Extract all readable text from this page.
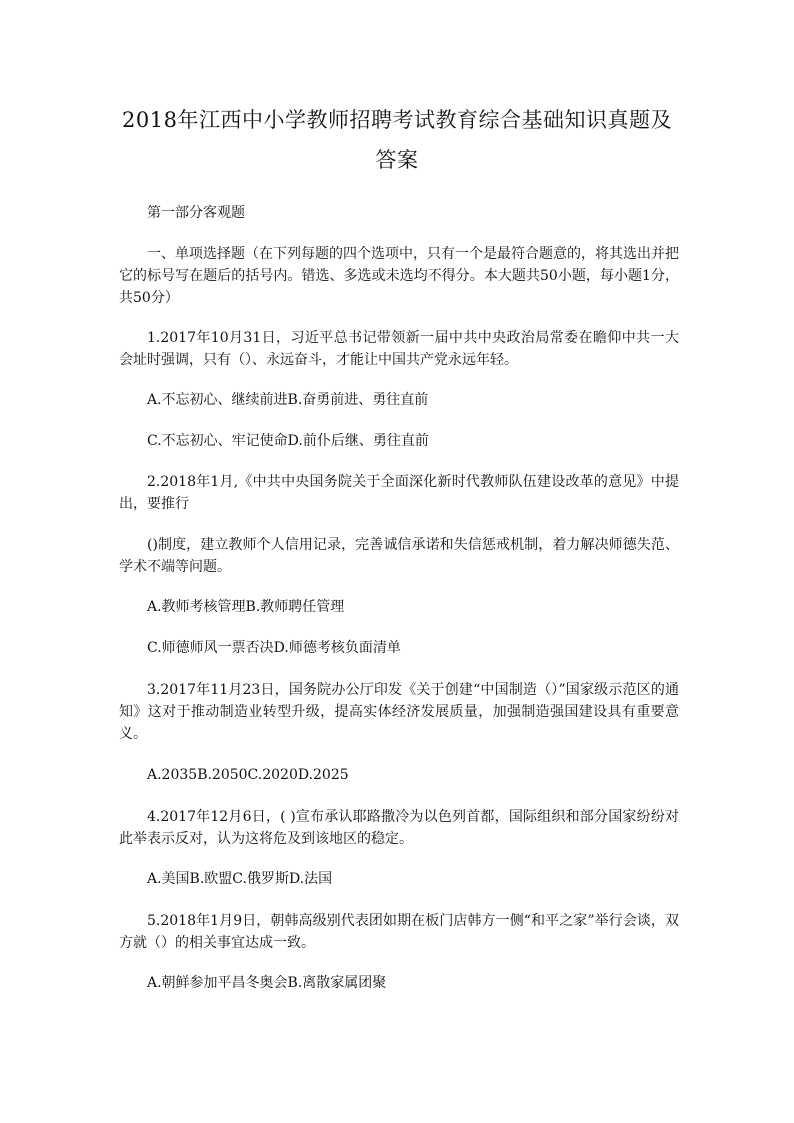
2018年江西中小学教师招聘考试教育综合基础知识真题及
答案
第一部分客观题
一、单项选择题（在下列每题的四个选项中，只有一个是最符合题意的，将其选出并把它的标号写在题后的括号内。错选、多选或未选均不得分。本大题共50小题，每小题1分，共50分）
1.2017年10月31日，习近平总书记带领新一届中共中央政治局常委在瞻仰中共一大会址时强调，只有（）、永远奋斗，才能让中国共产党永远年轻。
A.不忘初心、继续前进B.奋勇前进、勇往直前
C.不忘初心、牢记使命D.前仆后继、勇往直前
2.2018年1月,《中共中央国务院关于全面深化新时代教师队伍建设改革的意见》中提出，要推行
()制度，建立教师个人信用记录，完善诚信承诺和失信惩戒机制，着力解决师德失范、学术不端等问题。
A.教师考核管理B.教师聘任管理
C.师德师风一票否决D.师德考核负面清单
3.2017年11月23日，国务院办公厅印发《关于创建“中国制造（）”国家级示范区的通知》这对于推动制造业转型升级，提高实体经济发展质量，加强制造强国建设具有重要意义。
A.2035B.2050C.2020D.2025
4.2017年12月6日，( )宣布承认耶路撒冷为以色列首都，国际组织和部分国家纷纷对此举表示反对，认为这将危及到该地区的稳定。
A.美国B.欧盟C.俄罗斯D.法国
5.2018年1月9日，朝韩高级别代表团如期在板门店韩方一侧“和平之家”举行会谈，双方就（）的相关事宜达成一致。
A.朝鲜参加平昌冬奥会B.离散家属团聚
